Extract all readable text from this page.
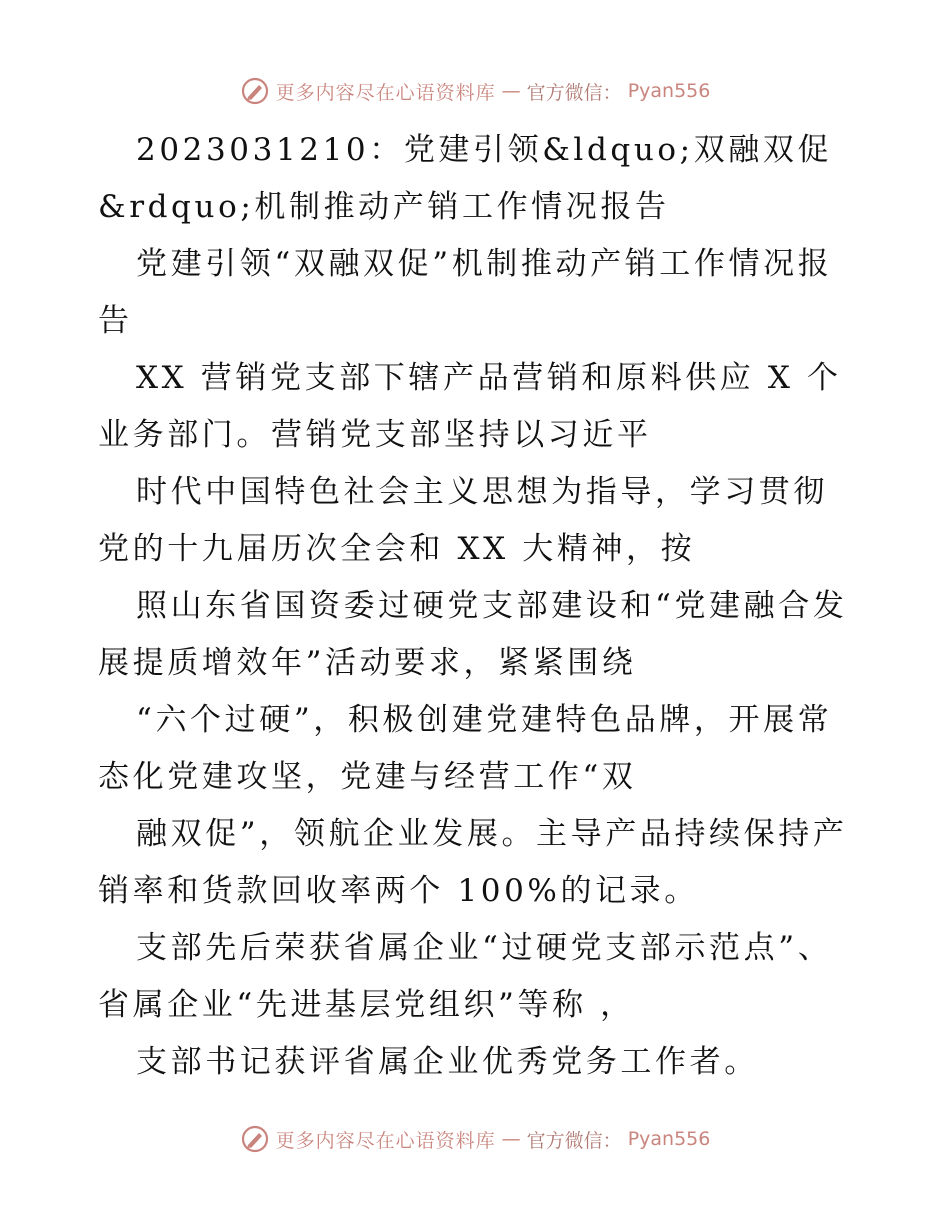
更多内容尽在心语资料库 — 官方微信： Pyan556

2023031210：党建引领&ldquo;双融双促&rdquo;机制推动产销工作情况报告

党建引领“双融双促”机制推动产销工作情况报告

XX 营销党支部下辖产品营销和原料供应 X 个业务部门。营销党支部坚持以习近平

时代中国特色社会主义思想为指导，学习贯彻党的十九届历次全会和 XX 大精神，按

照山东省国资委过硬党支部建设和“党建融合发展提质增效年”活动要求，紧紧围绕

“六个过硬”，积极创建党建特色品牌，开展常态化党建攻坚，党建与经营工作“双

融双促”，领航企业发展。主导产品持续保持产销率和货款回收率两个 100%的记录。

支部先后荣获省属企业“过硬党支部示范点”、省属企业“先进基层党组织”等称 ，

支部书记获评省属企业优秀党务工作者。

更多内容尽在心语资料库 — 官方微信： Pyan556
